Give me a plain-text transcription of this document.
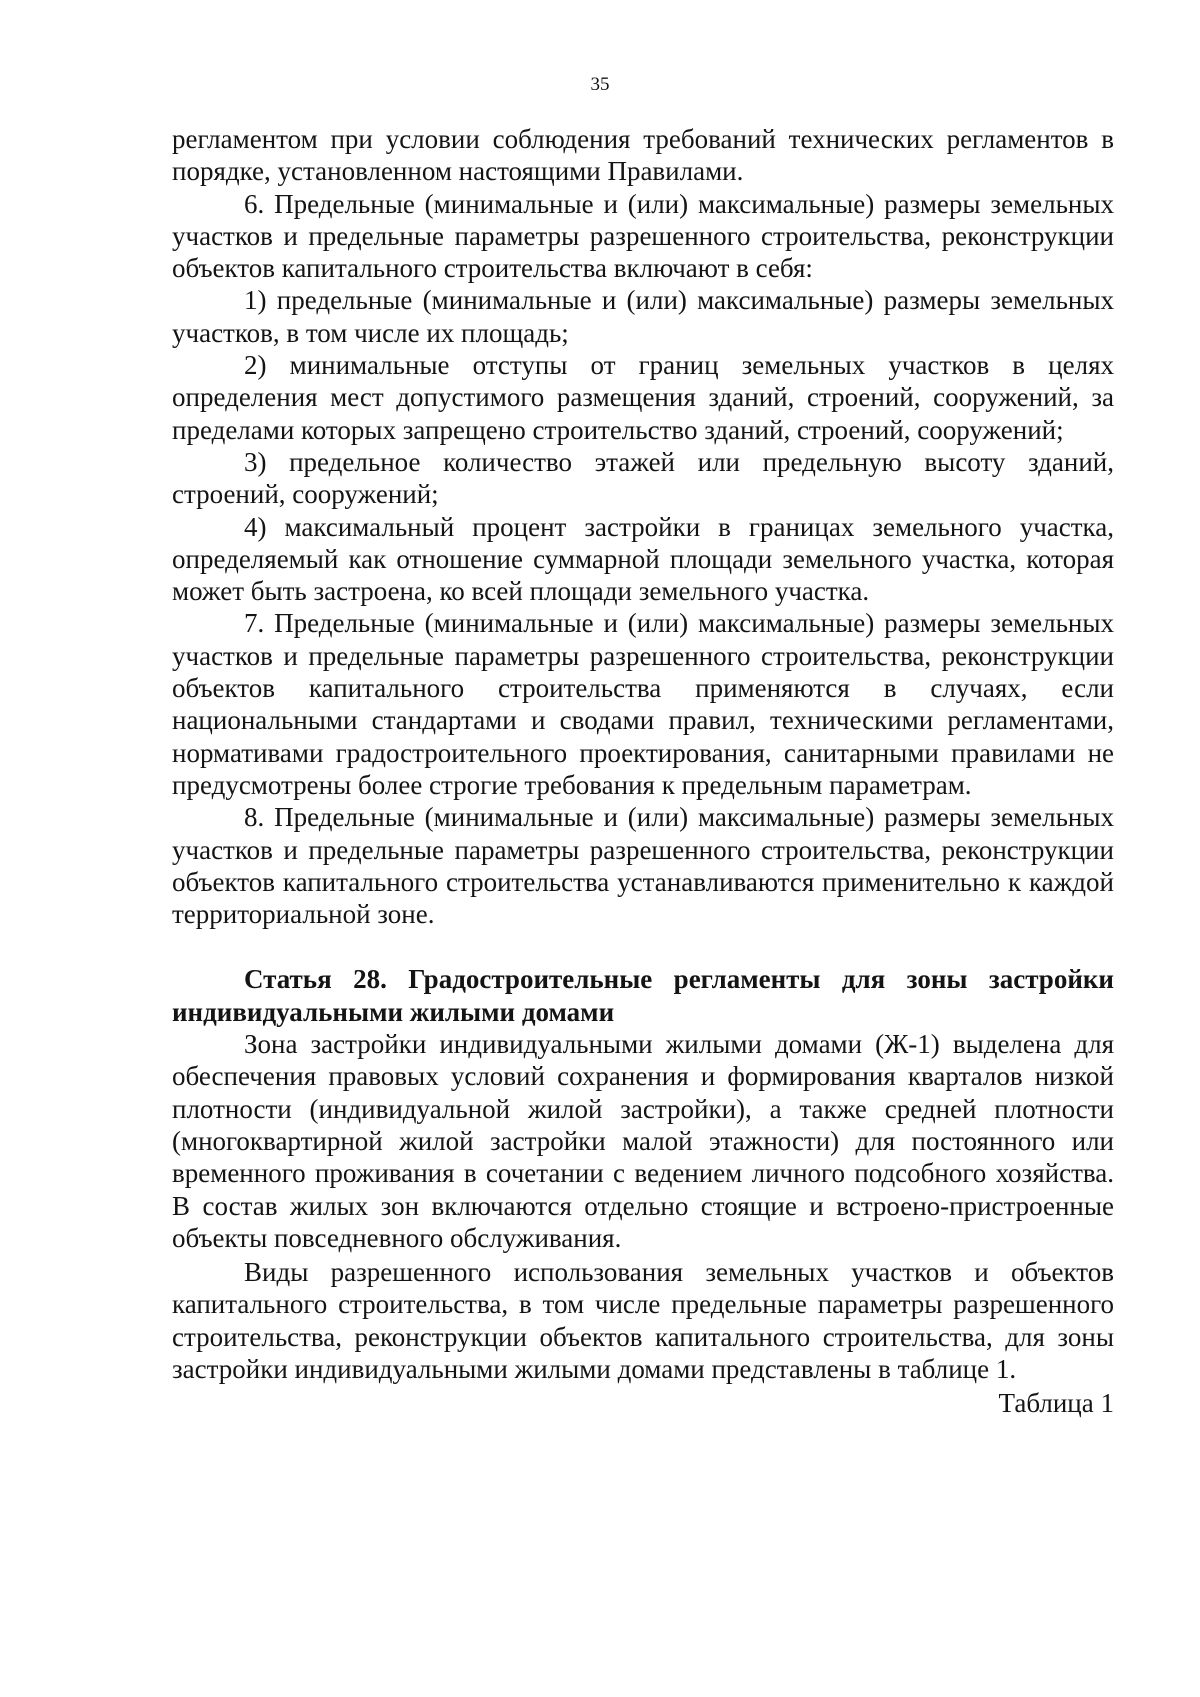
35

регламентом при условии соблюдения требований технических регламентов в порядке, установленном настоящими Правилами.

6. Предельные (минимальные и (или) максимальные) размеры земельных участков и предельные параметры разрешенного строительства, реконструкции объектов капитального строительства включают в себя:

1) предельные (минимальные и (или) максимальные) размеры земельных участков, в том числе их площадь;

2) минимальные отступы от границ земельных участков в целях определения мест допустимого размещения зданий, строений, сооружений, за пределами которых запрещено строительство зданий, строений, сооружений;

3) предельное количество этажей или предельную высоту зданий, строений, сооружений;

4) максимальный процент застройки в границах земельного участка, определяемый как отношение суммарной площади земельного участка, которая может быть застроена, ко всей площади земельного участка.

7. Предельные (минимальные и (или) максимальные) размеры земельных участков и предельные параметры разрешенного строительства, реконструкции объектов капитального строительства применяются в случаях, если национальными стандартами и сводами правил, техническими регламентами, нормативами градостроительного проектирования, санитарными правилами не предусмотрены более строгие требования к предельным параметрам.

8. Предельные (минимальные и (или) максимальные) размеры земельных участков и предельные параметры разрешенного строительства, реконструкции объектов капитального строительства устанавливаются применительно к каждой территориальной зоне.

Статья 28. Градостроительные регламенты для зоны застройки индивидуальными жилыми домами

Зона застройки индивидуальными жилыми домами (Ж-1) выделена для обеспечения правовых условий сохранения и формирования кварталов низкой плотности (индивидуальной жилой застройки), а также средней плотности (многоквартирной жилой застройки малой этажности) для постоянного или временного проживания в сочетании с ведением личного подсобного хозяйства. В состав жилых зон включаются отдельно стоящие и встроено-пристроенные объекты повседневного обслуживания.

Виды разрешенного использования земельных участков и объектов капитального строительства, в том числе предельные параметры разрешенного строительства, реконструкции объектов капитального строительства, для зоны застройки индивидуальными жилыми домами представлены в таблице 1.

Таблица 1
